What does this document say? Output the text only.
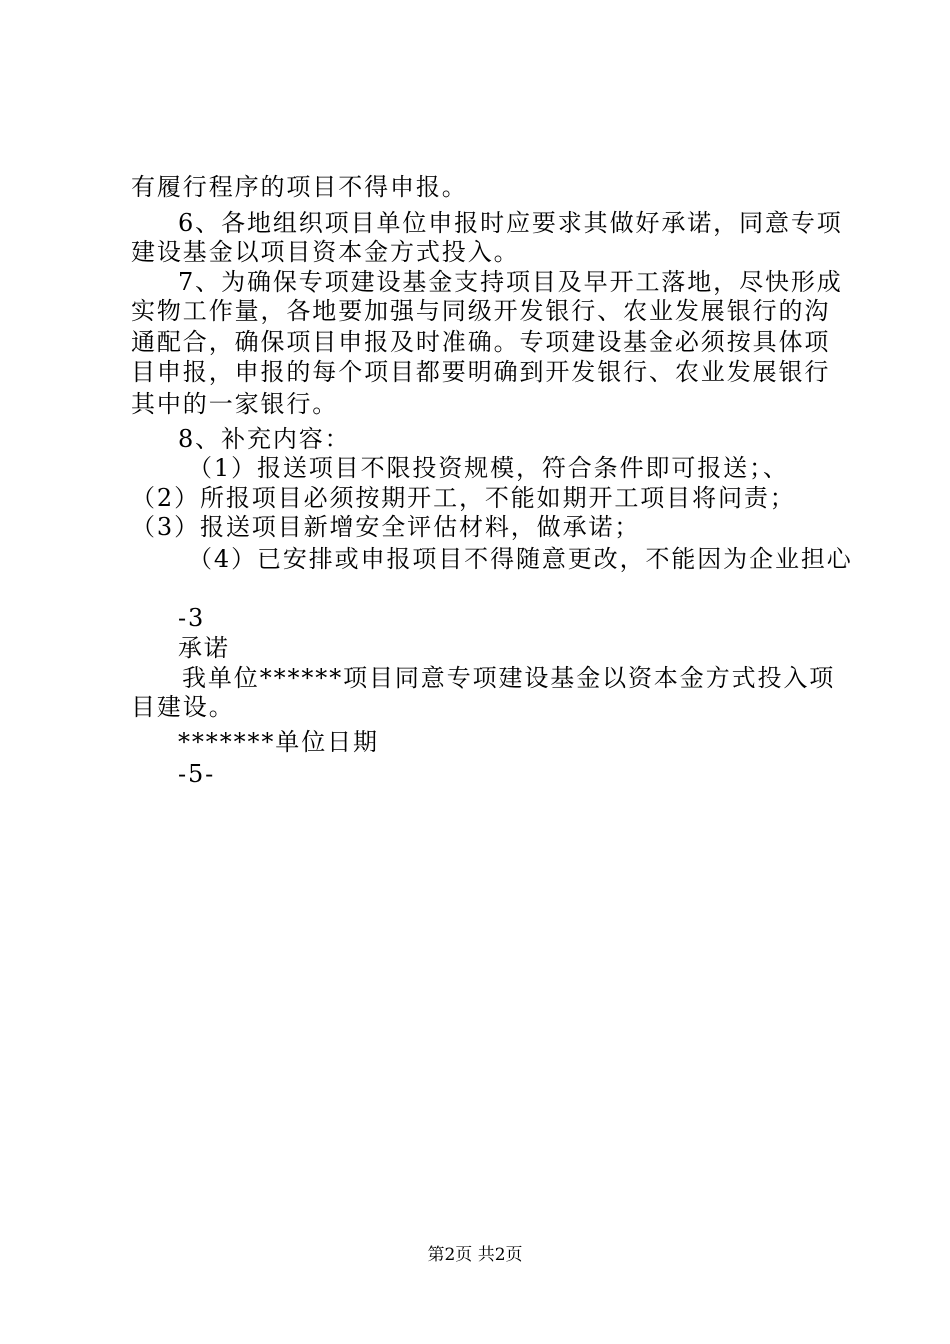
有履行程序的项目不得申报。
6、各地组织项目单位申报时应要求其做好承诺，同意专项
建设基金以项目资本金方式投入。
7、为确保专项建设基金支持项目及早开工落地，尽快形成
实物工作量，各地要加强与同级开发银行、农业发展银行的沟
通配合，确保项目申报及时准确。专项建设基金必须按具体项
目申报，申报的每个项目都要明确到开发银行、农业发展银行
其中的一家银行。
8、补充内容：
（1）报送项目不限投资规模，符合条件即可报送；、
（2）所报项目必须按期开工，不能如期开工项目将问责；
（3）报送项目新增安全评估材料，做承诺；
（4）已安排或申报项目不得随意更改，不能因为企业担心
-3
承诺
我单位******项目同意专项建设基金以资本金方式投入项
目建设。
*******单位日期
-5-
第2页 共2页
